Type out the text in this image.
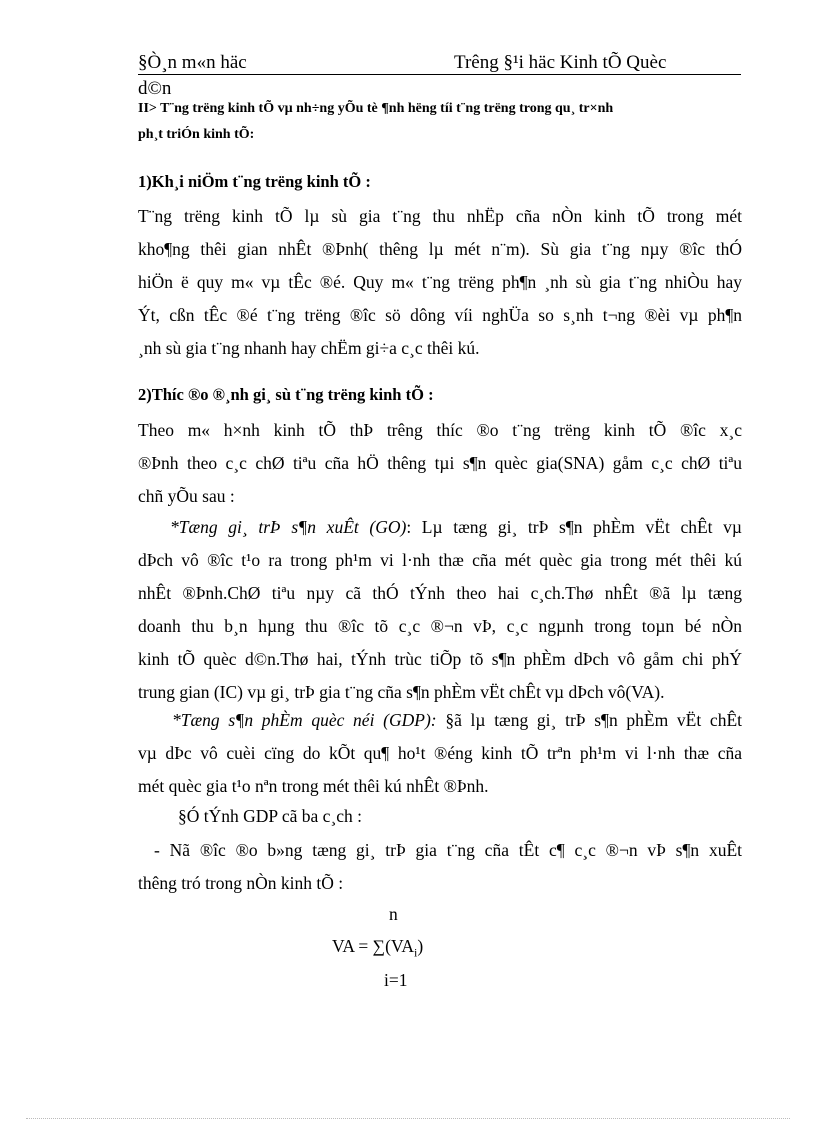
§Ò¸n m«n häc	Trêng §¹i häc Kinh tÕ Quèc
d©n
II> T¨ng trëng kinh tÕ vµ nh÷ng yÕu tè ¶nh hëng tíi t¨ng trëng trong qu¸ tr×nh
ph¸t triÓn kinh tÕ:
1)Kh¸i niÖm t¨ng trëng kinh tÕ :
T¨ng trëng kinh tÕ lµ sù gia t¨ng thu nhËp cña nÒn kinh tÕ trong mét
kho¶ng thêi gian nhÊt ®Þnh( thêng lµ mét n¨m). Sù gia t¨ng nµy ®îc thÓ
hiÖn ë quy m« vµ tÊc ®é. Quy m« t¨ng trëng ph¶n ¸nh sù gia t¨ng nhiÒu hay
Ýt, cßn tÊc ®é t¨ng trëng ®îc sö dông víi nghÜa so s¸nh t¬ng ®èi vµ ph¶n
¸nh sù gia t¨ng nhanh hay chËm gi÷a c¸c thêi kú.
2)Thíc ®o ®¸nh gi¸ sù t¨ng trëng kinh tÕ :
Theo m« h×nh kinh tÕ thÞ trêng thíc ®o t¨ng trëng kinh tÕ ®îc x¸c
®Þnh theo c¸c chØ tiªu cña hÖ thêng tµi s¶n quèc gia(SNA) gåm c¸c chØ tiªu
chñ yÕu sau :
*Tæng gi¸ trÞ s¶n xuÊt (GO): Lµ tæng gi¸ trÞ s¶n phÈm vËt chÊt vµ
dÞch vô ®îc t¹o ra trong ph¹m vi l·nh thæ cña mét quèc gia trong mét thêi kú
nhÊt ®Þnh.ChØ tiªu nµy cã thÓ tÝnh theo hai c¸ch.Thø nhÊt ®ã lµ tæng
doanh thu b¸n hµng thu ®îc tõ c¸c ®¬n vÞ, c¸c ngµnh trong toµn bé nÒn
kinh tÕ quèc d©n.Thø hai, tÝnh trùc tiÕp tõ s¶n phÈm dÞch vô gåm chi phÝ
trung gian (IC) vµ gi¸ trÞ gia t¨ng cña s¶n phÈm vËt chÊt vµ dÞch vô(VA).
*Tæng s¶n phÈm quèc néi (GDP): §ã lµ tæng gi¸ trÞ s¶n phÈm vËt chÊt
vµ dÞc vô cuèi cïng do kÕt qu¶ ho¹t ®éng kinh tÕ trªn ph¹m vi l·nh thæ cña
mét quèc gia t¹o nªn trong mét thêi kú nhÊt ®Þnh.
§Ó tÝnh GDP cã ba c¸ch :
- Nã ®îc ®o b»ng tæng gi¸ trÞ gia t¨ng cña tÊt c¶ c¸c ®¬n vÞ s¶n xuÊt
thêng tró trong nÒn kinh tÕ :
n
VA = $\sum(VA_i)$
i=1
